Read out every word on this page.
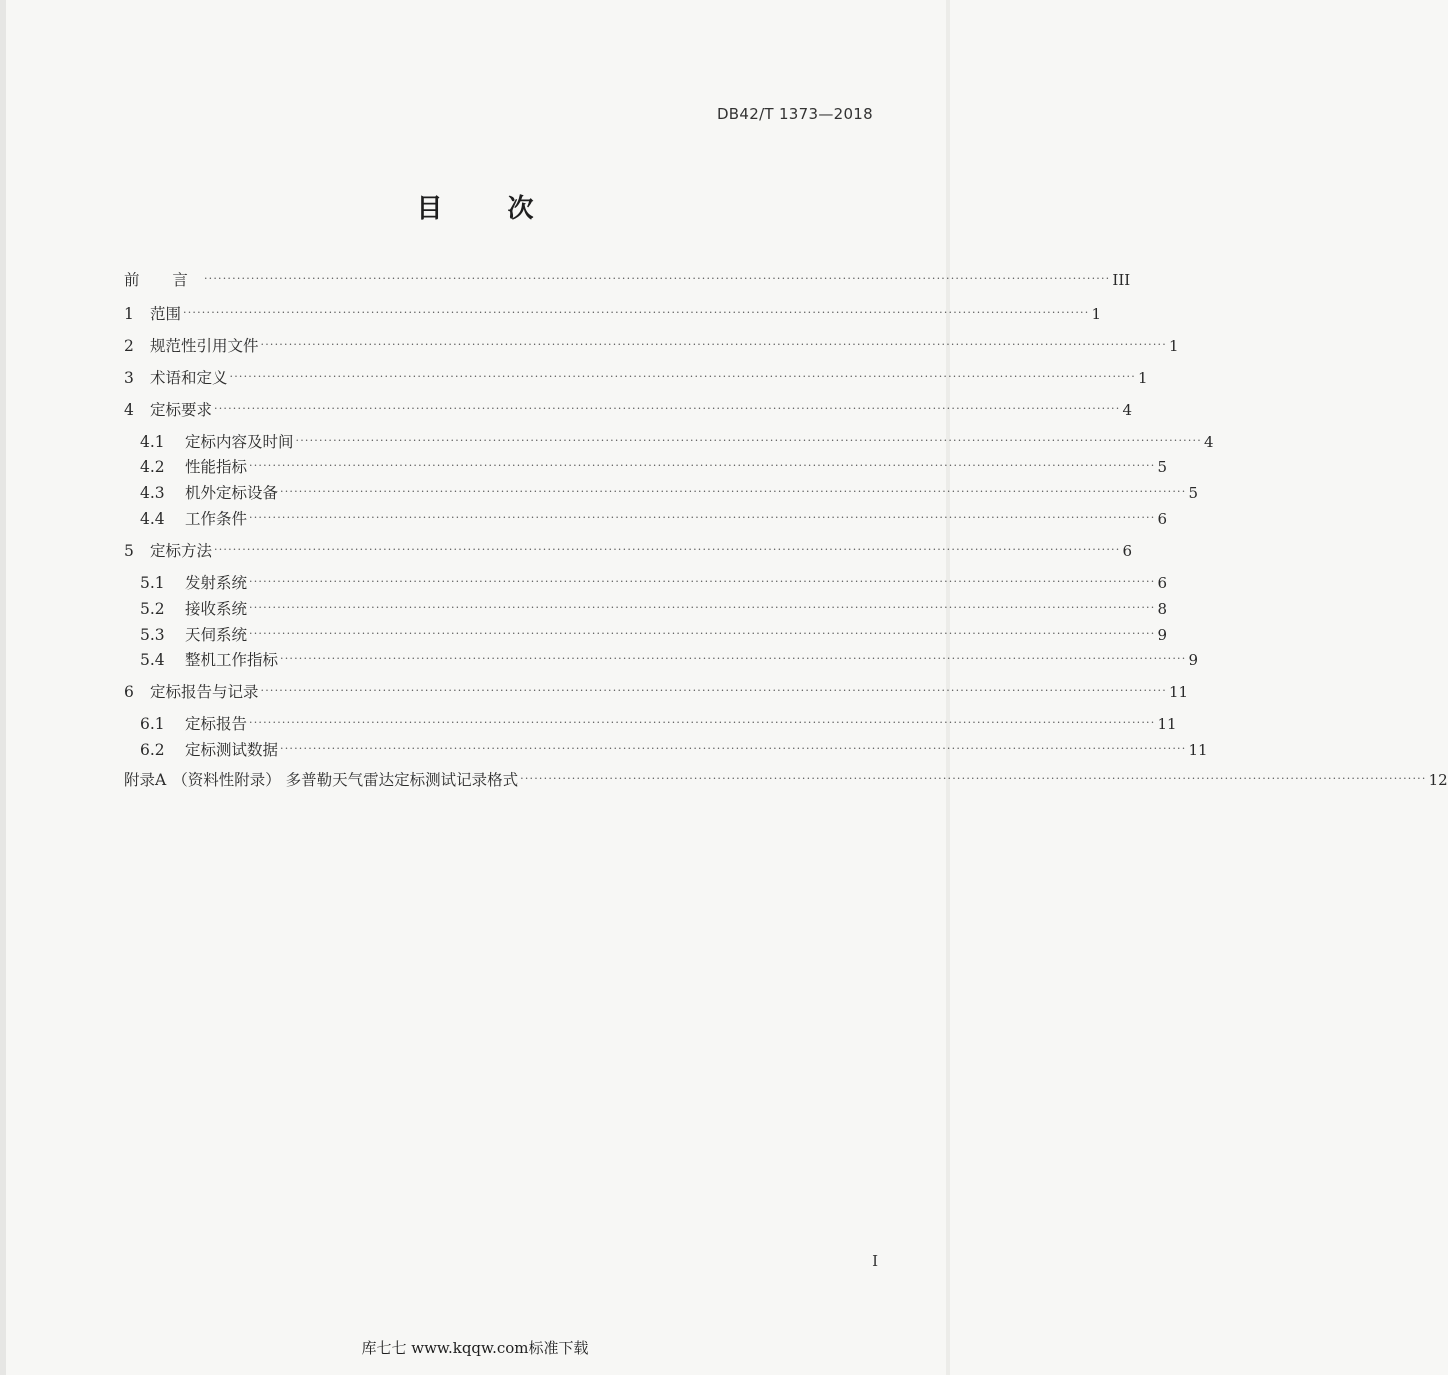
DB42/T 1373—2018
目 次
前 言 ································································································································································································· III
1	范围 ································································································································································································· 1
2	规范性引用文件 ································································································································································································· 1
3	术语和定义 ································································································································································································· 1
4	定标要求 ································································································································································································· 4
4.1	定标内容及时间 ································································································································································································· 4
4.2	性能指标 ································································································································································································· 5
4.3	机外定标设备 ································································································································································································· 5
4.4	工作条件 ································································································································································································· 6
5	定标方法 ································································································································································································· 6
5.1	发射系统 ································································································································································································· 6
5.2	接收系统 ································································································································································································· 8
5.3	天伺系统 ································································································································································································· 9
5.4	整机工作指标 ································································································································································································· 9
6	定标报告与记录 ································································································································································································· 11
6.1	定标报告 ································································································································································································· 11
6.2	定标测试数据 ································································································································································································· 11
附录A （资料性附录） 多普勒天气雷达定标测试记录格式 ································································································································································································· 12
I
库七七 www.kqqw.com标准下载
